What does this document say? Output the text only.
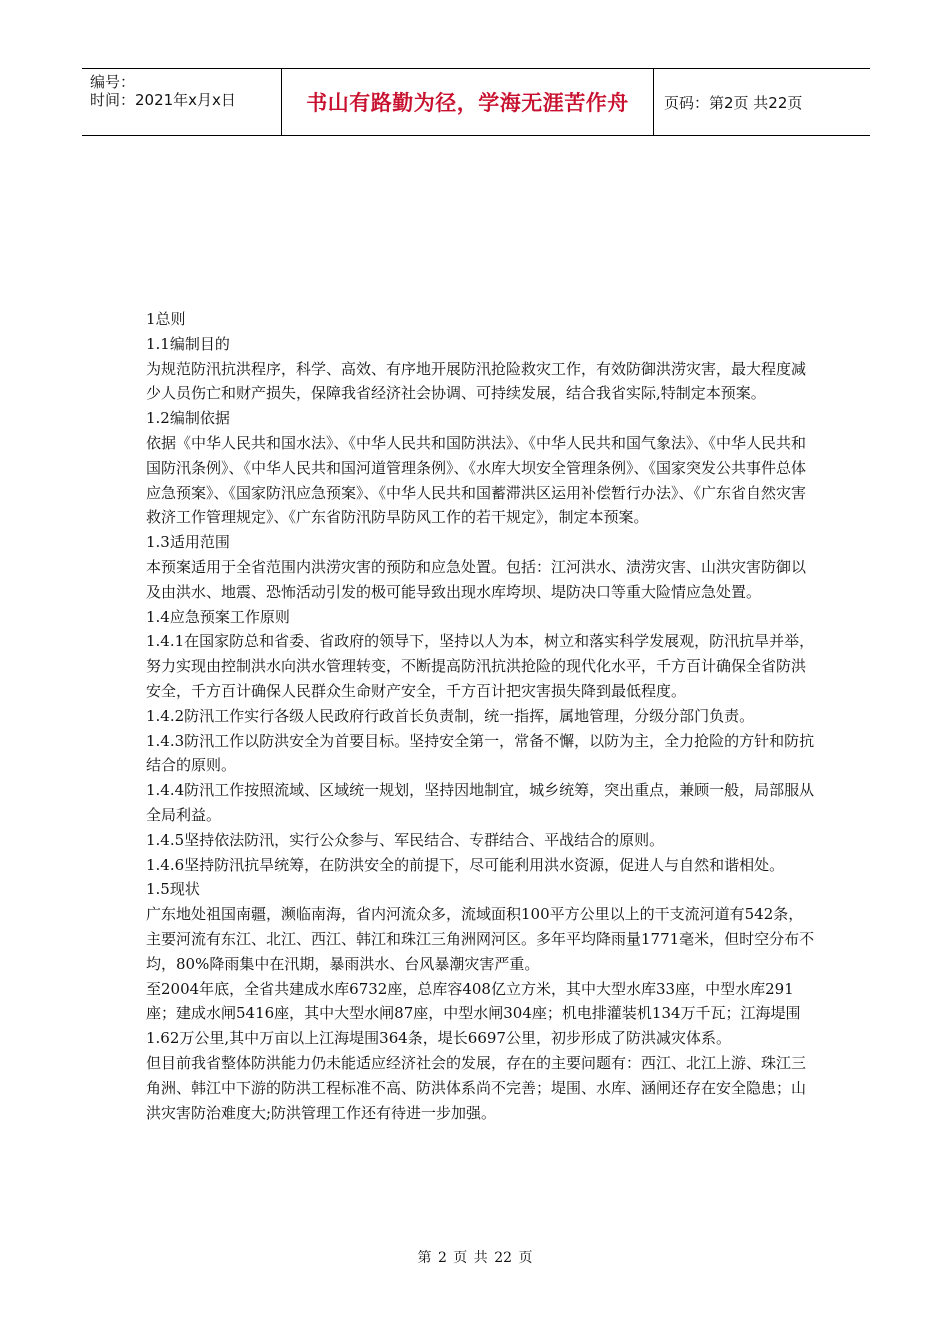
编号：
时间：2021年x月x日	书山有路勤为径，学海无涯苦作舟	页码：第2页 共22页

1总则

1.1编制目的

为规范防汛抗洪程序，科学、高效、有序地开展防汛抢险救灾工作，有效防御洪涝灾害，最大程度减少人员伤亡和财产损失，保障我省经济社会协调、可持续发展，结合我省实际,特制定本预案。

1.2编制依据

依据《中华人民共和国水法》、《中华人民共和国防洪法》、《中华人民共和国气象法》、《中华人民共和国防汛条例》、《中华人民共和国河道管理条例》、《水库大坝安全管理条例》、《国家突发公共事件总体应急预案》、《国家防汛应急预案》、《中华人民共和国蓄滞洪区运用补偿暂行办法》、《广东省自然灾害救济工作管理规定》、《广东省防汛防旱防风工作的若干规定》，制定本预案。

1.3适用范围

本预案适用于全省范围内洪涝灾害的预防和应急处置。包括：江河洪水、渍涝灾害、山洪灾害防御以及由洪水、地震、恐怖活动引发的极可能导致出现水库垮坝、堤防决口等重大险情应急处置。

1.4应急预案工作原则

1.4.1在国家防总和省委、省政府的领导下，坚持以人为本，树立和落实科学发展观，防汛抗旱并举，努力实现由控制洪水向洪水管理转变，不断提高防汛抗洪抢险的现代化水平，千方百计确保全省防洪安全，千方百计确保人民群众生命财产安全，千方百计把灾害损失降到最低程度。

1.4.2防汛工作实行各级人民政府行政首长负责制，统一指挥，属地管理，分级分部门负责。

1.4.3防汛工作以防洪安全为首要目标。坚持安全第一，常备不懈，以防为主，全力抢险的方针和防抗结合的原则。

1.4.4防汛工作按照流域、区域统一规划，坚持因地制宜，城乡统筹，突出重点，兼顾一般，局部服从全局利益。

1.4.5坚持依法防汛，实行公众参与、军民结合、专群结合、平战结合的原则。

1.4.6坚持防汛抗旱统筹，在防洪安全的前提下，尽可能利用洪水资源，促进人与自然和谐相处。

1.5现状

广东地处祖国南疆，濒临南海，省内河流众多，流域面积100平方公里以上的干支流河道有542条，主要河流有东江、北江、西江、韩江和珠江三角洲网河区。多年平均降雨量1771毫米，但时空分布不均，80%降雨集中在汛期，暴雨洪水、台风暴潮灾害严重。

至2004年底，全省共建成水库6732座，总库容408亿立方米，其中大型水库33座，中型水库291座；建成水闸5416座，其中大型水闸87座，中型水闸304座；机电排灌装机134万千瓦；江海堤围1.62万公里,其中万亩以上江海堤围364条，堤长6697公里，初步形成了防洪减灾体系。

但目前我省整体防洪能力仍未能适应经济社会的发展，存在的主要问题有：西江、北江上游、珠江三角洲、韩江中下游的防洪工程标准不高、防洪体系尚不完善；堤围、水库、涵闸还存在安全隐患；山洪灾害防治难度大;防洪管理工作还有待进一步加强。

第 2 页 共 22 页
